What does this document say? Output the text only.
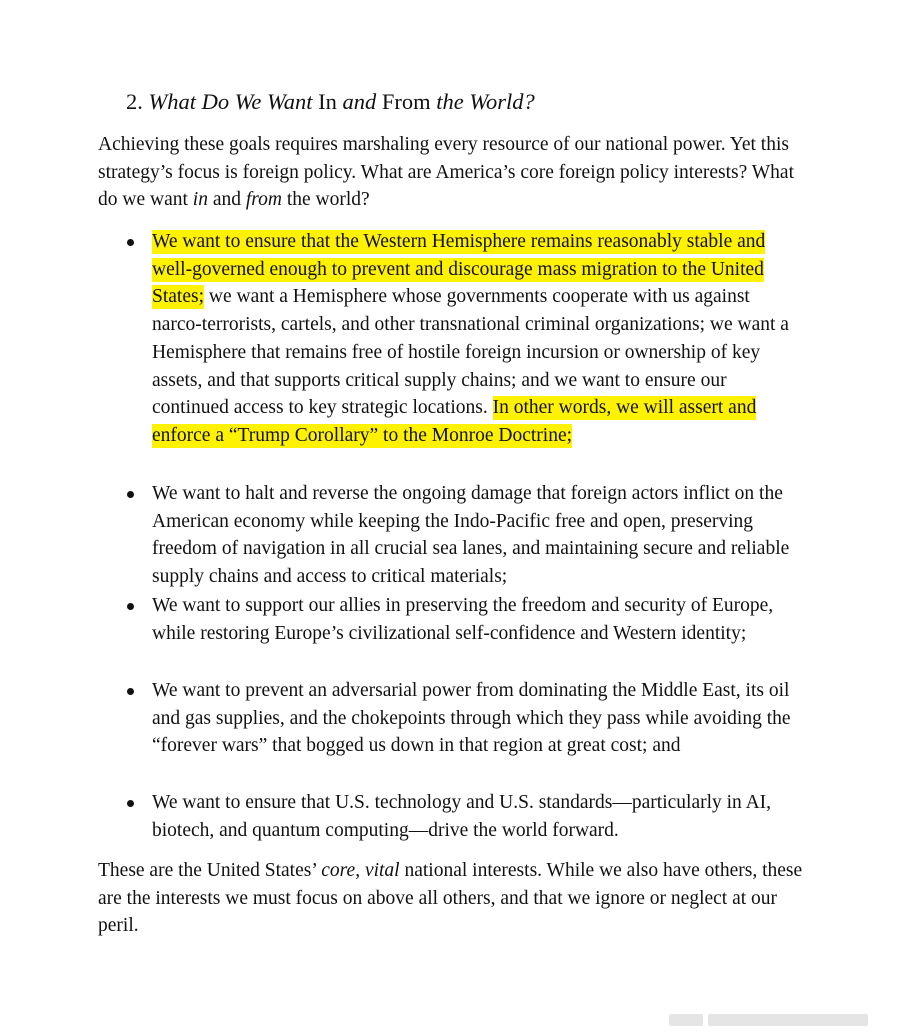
2. What Do We Want In and From the World?

Achieving these goals requires marshaling every resource of our national power. Yet this strategy’s focus is foreign policy. What are America’s core foreign policy interests? What do we want in and from the world?

We want to ensure that the Western Hemisphere remains reasonably stable and well-governed enough to prevent and discourage mass migration to the United States; we want a Hemisphere whose governments cooperate with us against narco-terrorists, cartels, and other transnational criminal organizations; we want a Hemisphere that remains free of hostile foreign incursion or ownership of key assets, and that supports critical supply chains; and we want to ensure our continued access to key strategic locations. In other words, we will assert and enforce a “Trump Corollary” to the Monroe Doctrine;
We want to halt and reverse the ongoing damage that foreign actors inflict on the American economy while keeping the Indo-Pacific free and open, preserving freedom of navigation in all crucial sea lanes, and maintaining secure and reliable supply chains and access to critical materials;
We want to support our allies in preserving the freedom and security of Europe, while restoring Europe’s civilizational self-confidence and Western identity;
We want to prevent an adversarial power from dominating the Middle East, its oil and gas supplies, and the chokepoints through which they pass while avoiding the “forever wars” that bogged us down in that region at great cost; and
We want to ensure that U.S. technology and U.S. standards—particularly in AI, biotech, and quantum computing—drive the world forward.

These are the United States’ core, vital national interests. While we also have others, these are the interests we must focus on above all others, and that we ignore or neglect at our peril.
